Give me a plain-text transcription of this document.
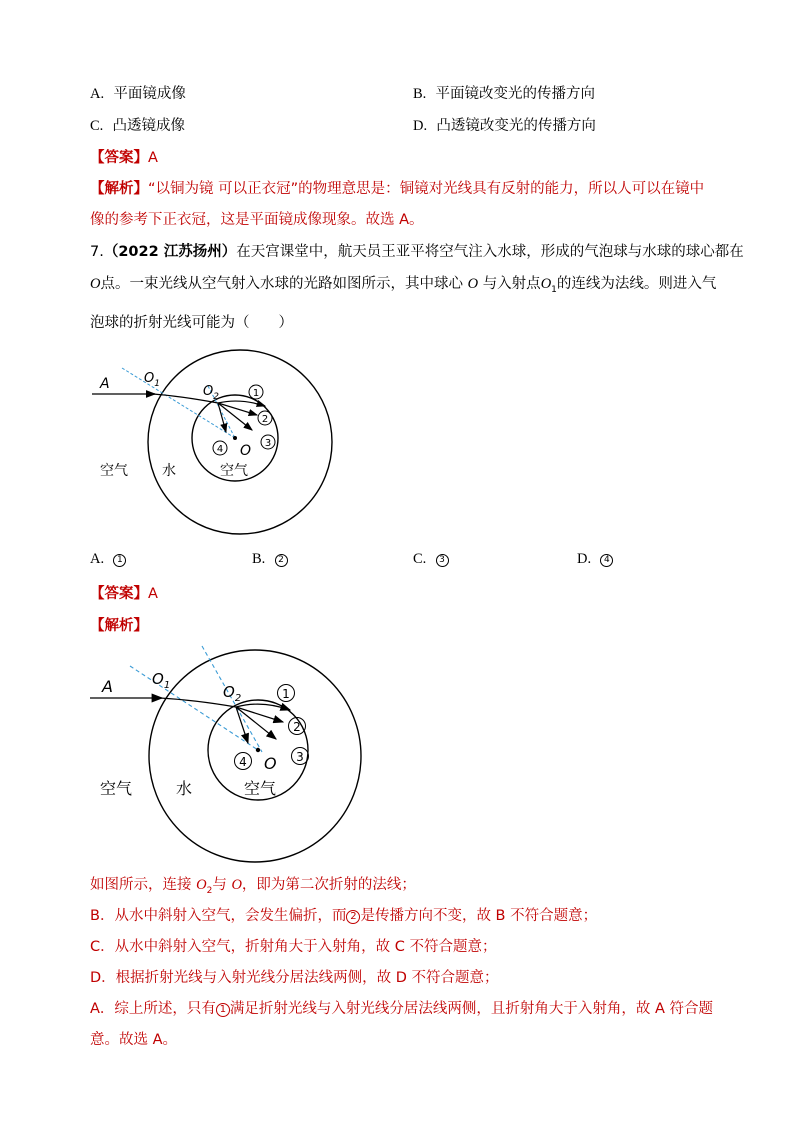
A. 平面镜成像	B. 平面镜改变光的传播方向
C. 凸透镜成像	D. 凸透镜改变光的传播方向
【答案】A
【解析】“以铜为镜 可以正衣冠”的物理意思是：铜镜对光线具有反射的能力，所以人可以在镜中
像的参考下正衣冠，这是平面镜成像现象。故选 A。
7.（2022 江苏扬州）在天宫课堂中，航天员王亚平将空气注入水球，形成的气泡球与水球的球心都在
O点。一束光线从空气射入水球的光路如图所示，其中球心 O 与入射点$O_1$的连线为法线。则进入气
泡球的折射光线可能为（　　）
A	$O_1$	$O_2$
O
1
2
3
4
空气 水	空气
A. 1	B. 2	C. 3	D. 4
【答案】A
【解析】
A	$O_1$	$O_2$
O
1
2
3
4
空气	水	空气
如图所示，连接 $O_2$与 O，即为第二次折射的法线；
B．从水中斜射入空气，会发生偏折，而 2 是传播方向不变，故 B 不符合题意；
C．从水中斜射入空气，折射角大于入射角，故 C 不符合题意；
D．根据折射光线与入射光线分居法线两侧，故 D 不符合题意；
A．综上所述，只有 1 满足折射光线与入射光线分居法线两侧，且折射角大于入射角，故 A 符合题
意。故选 A。
